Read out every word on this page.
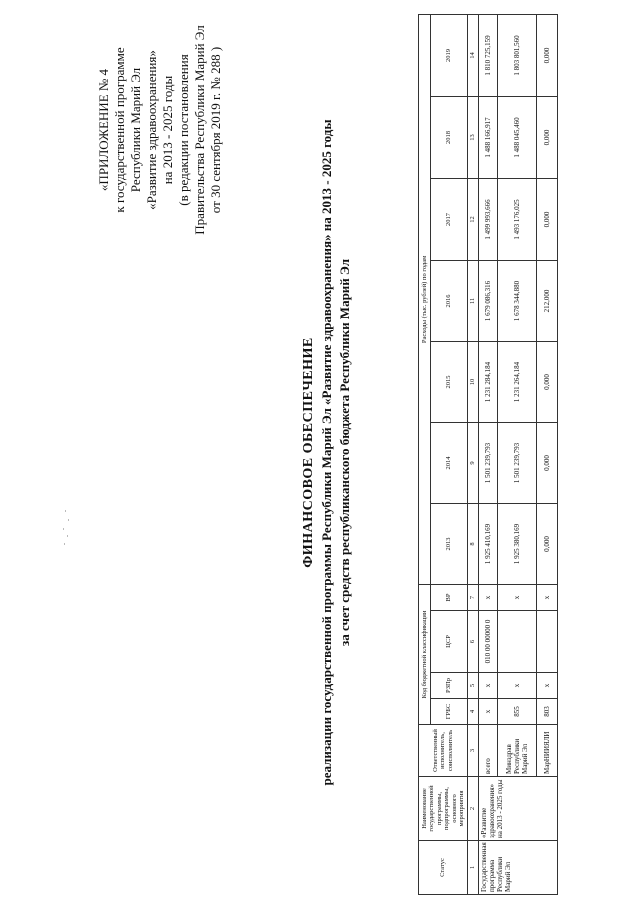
«ПРИЛОЖЕНИЕ № 4 к государственной программе Республики Марий Эл «Развитие здравоохранения» на 2013 - 2025 годы (в редакции постановления Правительства Республики Марий Эл от 30 сентября 2019 г. № 288 )
ФИНАНСОВОЕ ОБЕСПЕЧЕНИЕ реализации государственной программы Республики Марий Эл «Развитие здравоохранения» на 2013 - 2025 годы за счет средств республиканского бюджета Республики Марий Эл
Статус	Наименование государственной программы, подпрограммы, основного мероприятия	Ответственный исполнитель, соисполнитель	Код бюджетной классификации				Расходы (тыс. рублей) по годам						
			ГРБС	РЗПр	ЦСР	ВР	2013	2014	2015	2016	2017	2018	2019
1	2	3	4	5	6	7	8	9	10	11	12	13	14
Государственная программа Республики Марий Эл	«Развитие здравоохранения» на 2013 - 2025 годы	всего	х	х	010 00 00000 0	х	1 925 410,169	1 501 239,793	1 231 284,184	1 679 086,316	1 499 993,666	1 488 166,917	1 810 725,159
		Минздрав Республики Марий Эл	855	х		х	1 925 380,169	1 501 239,793	1 231 264,184	1 678 344,880	1 493 176,025	1 488 045,460	1 803 801,560
		МарНИИЯЛИ	803	х		х	0,000	0,000	0,000	212,000	0,000	0,000	0,000
